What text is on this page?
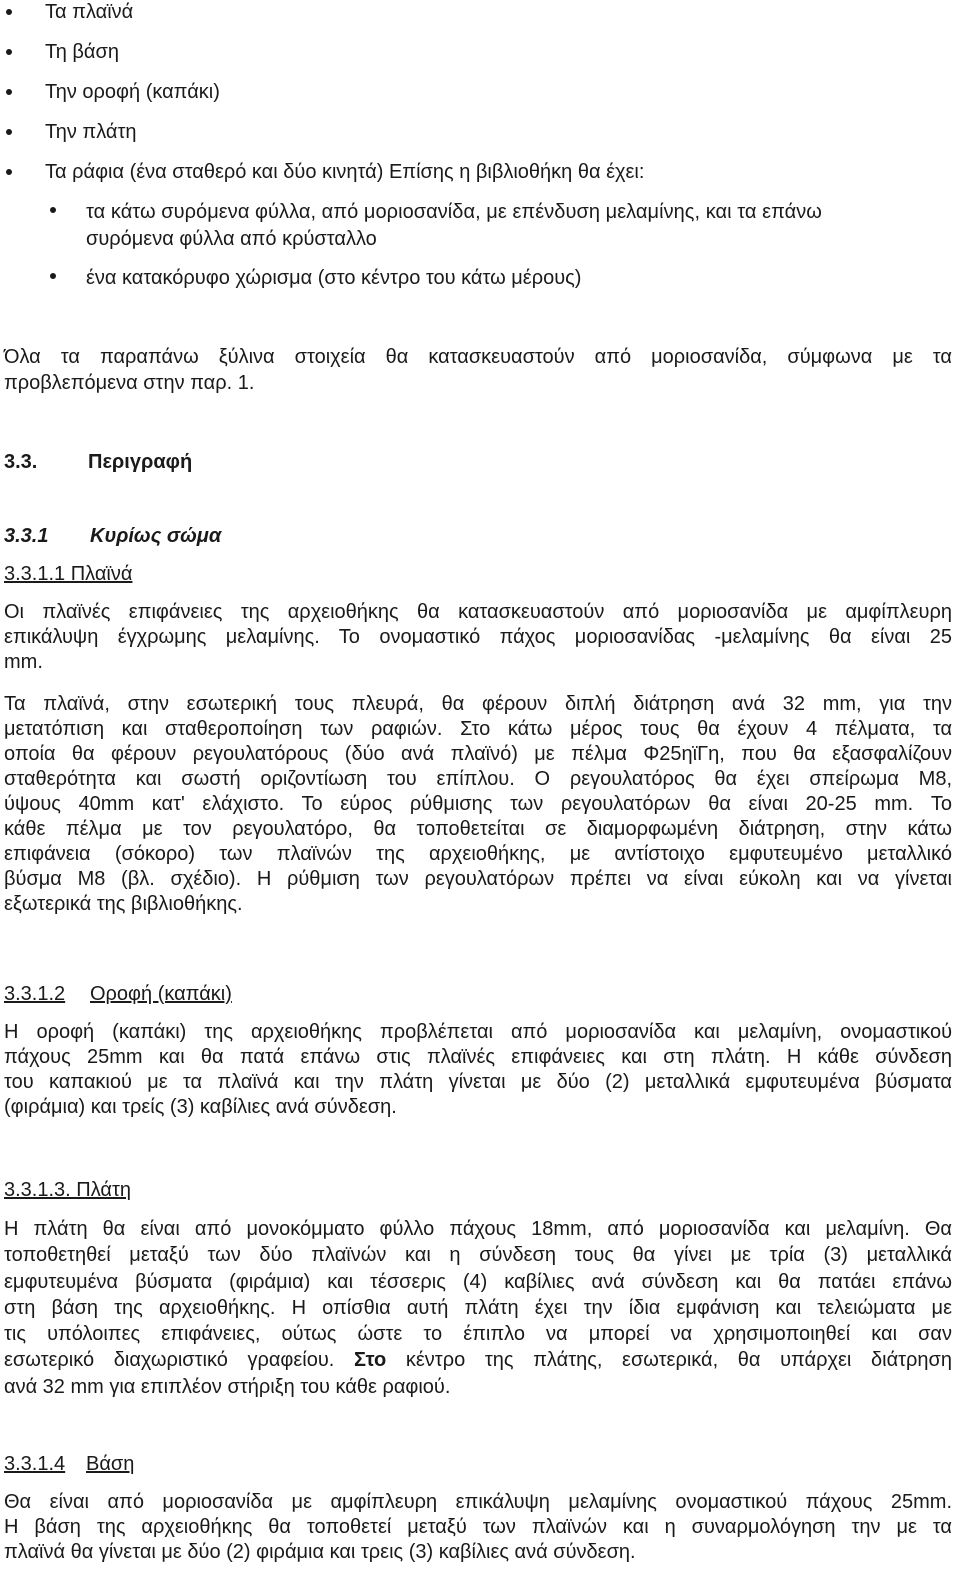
Τα πλαϊνά
Τη βάση
Την οροφή (καπάκι)
Την πλάτη
Τα ράφια (ένα σταθερό και δύο κινητά) Επίσης η βιβλιοθήκη θα έχει:
τα κάτω συρόμενα φύλλα, από μοριοσανίδα, με επένδυση μελαμίνης, και τα επάνω
συρόμενα φύλλα από κρύσταλλο
ένα κατακόρυφο χώρισμα (στο κέντρο του κάτω μέρους)
Όλα τα παραπάνω ξύλινα στοιχεία θα κατασκευαστούν από μοριοσανίδα, σύμφωνα με τα
προβλεπόμενα στην παρ. 1.
3.3.	Περιγραφή
3.3.1 Κυρίως σώμα
3.3.1.1 Πλαϊνά
Οι πλαϊνές επιφάνειες της αρχειοθήκης θα κατασκευαστούν από μοριοσανίδα με αμφίπλευρη
επικάλυψη έγχρωμης μελαμίνης. Το ονομαστικό πάχος μοριοσανίδας -μελαμίνης θα είναι 25
mm.
Τα πλαϊνά, στην εσωτερική τους πλευρά, θα φέρουν διπλή διάτρηση ανά 32 mm, για την
μετατόπιση και σταθεροποίηση των ραφιών. Στο κάτω μέρος τους θα έχουν 4 πέλματα, τα
οποία θα φέρουν ρεγουλατόρους (δύο ανά πλαϊνό) με πέλμα Φ25ηϊΓη, που θα εξασφαλίζουν
σταθερότητα και σωστή οριζοντίωση του επίπλου. Ο ρεγουλατόρος θα έχει σπείρωμα Μ8,
ύψους 40mm κατ' ελάχιστο. Το εύρος ρύθμισης των ρεγουλατόρων θα είναι 20-25 mm. Το
κάθε πέλμα με τον ρεγουλατόρο, θα τοποθετείται σε διαμορφωμένη διάτρηση, στην κάτω
επιφάνεια (σόκορο) των πλαϊνών της αρχειοθήκης, με αντίστοιχο εμφυτευμένο μεταλλικό
βύσμα Μ8 (βλ. σχέδιο). Η ρύθμιση των ρεγουλατόρων πρέπει να είναι εύκολη και να γίνεται
εξωτερικά της βιβλιοθήκης.
3.3.1.2 Οροφή (καπάκι)
Η οροφή (καπάκι) της αρχειοθήκης προβλέπεται από μοριοσανίδα και μελαμίνη, ονομαστικού
πάχους 25mm και θα πατά επάνω στις πλαϊνές επιφάνειες και στη πλάτη. Η κάθε σύνδεση
του καπακιού με τα πλαϊνά και την πλάτη γίνεται με δύο (2) μεταλλικά εμφυτευμένα βύσματα
(φιράμια) και τρείς (3) καβίλιες ανά σύνδεση.
3.3.1.3. Πλάτη
Η πλάτη θα είναι από μονοκόμματο φύλλο πάχους 18mm, από μοριοσανίδα και μελαμίνη. Θα
τοποθετηθεί μεταξύ των δύο πλαϊνών και η σύνδεση τους θα γίνει με τρία (3) μεταλλικά
εμφυτευμένα βύσματα (φιράμια) και τέσσερις (4) καβίλιες ανά σύνδεση και θα πατάει επάνω
στη βάση της αρχειοθήκης. Η οπίσθια αυτή πλάτη έχει την ίδια εμφάνιση και τελειώματα με
τις υπόλοιπες επιφάνειες, ούτως ώστε το έπιπλο να μπορεί να χρησιμοποιηθεί και σαν
εσωτερικό διαχωριστικό γραφείου. Στο κέντρο της πλάτης, εσωτερικά, θα υπάρχει διάτρηση
ανά 32 mm για επιπλέον στήριξη του κάθε ραφιού.
3.3.1.4 Βάση
Θα είναι από μοριοσανίδα με αμφίπλευρη επικάλυψη μελαμίνης ονομαστικού πάχους 25mm.
Η βάση της αρχειοθήκης θα τοποθετεί μεταξύ των πλαϊνών και η συναρμολόγηση την με τα
πλαϊνά θα γίνεται με δύο (2) φιράμια και τρεις (3) καβίλιες ανά σύνδεση.
